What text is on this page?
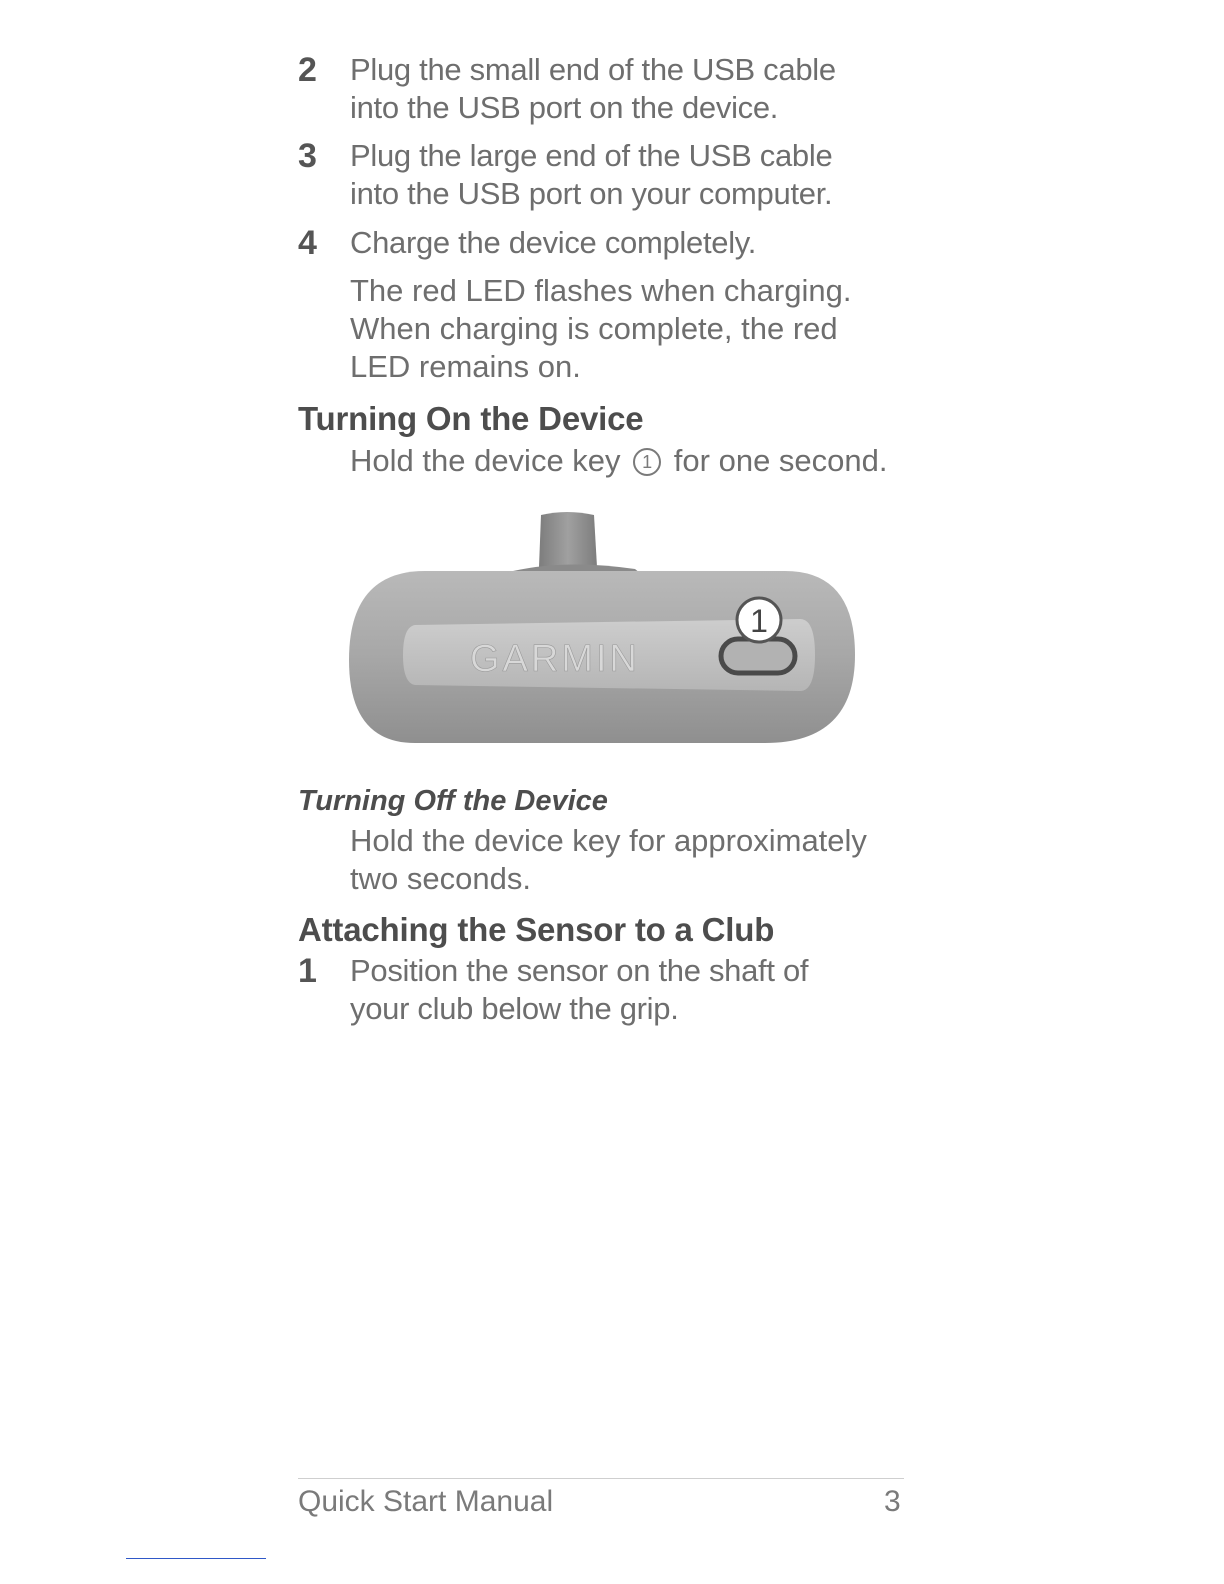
2 Plug the small end of the USB cable into the USB port on the device.
3 Plug the large end of the USB cable into the USB port on your computer.
4 Charge the device completely.
The red LED flashes when charging. When charging is complete, the red LED remains on.
Turning On the Device
Hold the device key 1 for one second.
GARMIN
1
Turning Off the Device
Hold the device key for approximately two seconds.
Attaching the Sensor to a Club
1 Position the sensor on the shaft of your club below the grip.
Quick Start Manual	3
